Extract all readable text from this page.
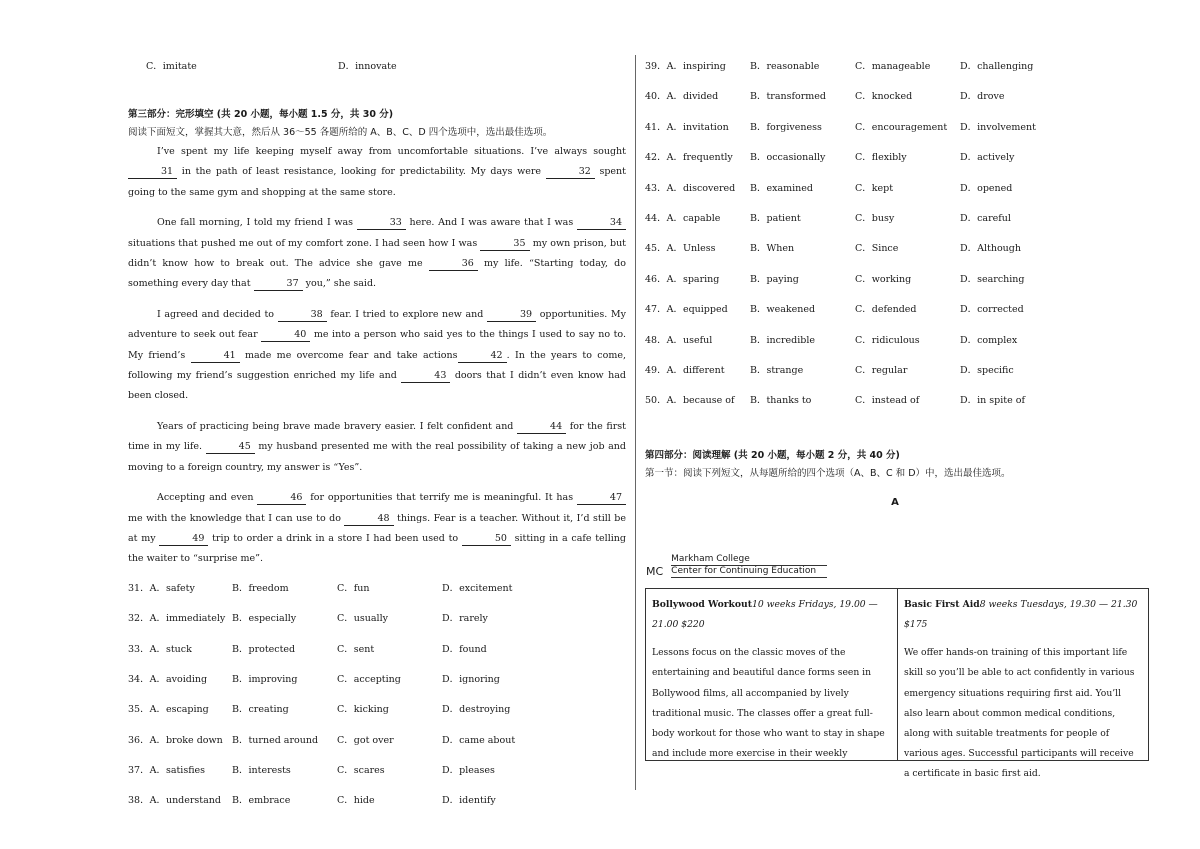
C．imitate	D．innovate
第三部分：完形填空 (共 20 小题，每小题 1.5 分，共 30 分)
阅读下面短文，掌握其大意，然后从 36～55 各题所给的 A、B、C、D 四个选项中，选出最佳选项。

I’ve spent my life keeping myself away from uncomfortable situations. I’ve always sought 31 in the path of least resistance, looking for predictability. My days were	32 spent going to the same gym and shopping at the same store.

One fall morning, I told my friend I was	33 here. And I was aware that I was	34 situations that pushed me out of my comfort zone. I had seen how I was	35 my own prison, but didn’t know how to break out. The advice she gave me	36 my life. “Starting today, do something every day that	37 you,” she said.

I agreed and decided to	38 fear. I tried to explore new and	39 opportunities. My adventure to seek out fear	40 me into a person who said yes to the things I used to say no to. My friend’s	41 made me overcome fear and take actions	42 . In the years to come, following my friend’s suggestion enriched my life and	43 doors that I didn’t even know had been closed.

Years of practicing being brave made bravery easier. I felt confident and	44 for the first time in my life.	45 my husband presented me with the real possibility of taking a new job and moving to a foreign country, my answer is “Yes”.

Accepting and even	46 for opportunities that terrify me is meaningful. It has	47 me with the knowledge that I can use to do	48 things. Fear is a teacher. Without it, I’d still be at my	49 trip to order a drink in a store I had been used to	50 sitting in a cafe telling the waiter to “surprise me”.

31．A．safety	B．freedom	C．fun	D．excitement
32．A．immediately B．especially	C．usually	D．rarely
33．A．stuck	B．protected	C．sent	D．found
34．A．avoiding	B．improving	C．accepting	D．ignoring
35．A．escaping	B．creating	C．kicking	D．destroying
36．A．broke down B．turned around	C．got over	D．came about
37．A．satisfies	B．interests	C．scares	D．pleases
38．A．understand	B．embrace	C．hide	D．identify
39．A．inspiring	B．reasonable	C．manageable	D．challenging
40．A．divided	B．transformed	C．knocked	D．drove
41．A．invitation	B．forgiveness	C．encouragement	D．involvement
42．A．frequently	B．occasionally	C．flexibly	D．actively
43．A．discovered	B．examined	C．kept	D．opened
44．A．capable	B．patient	C．busy	D．careful
45．A．Unless	B．When	C．Since	D．Although
46．A．sparing	B．paying	C．working	D．searching
47．A．equipped	B．weakened	C．defended	D．corrected
48．A．useful	B．incredible	C．ridiculous	D．complex
49．A．different	B．strange	C．regular	D．specific
50．A．because of	B．thanks to	C．instead of	D．in spite of
第四部分：阅读理解 (共 20 小题，每小题 2 分，共 40 分)
第一节：阅读下列短文，从每题所给的四个选项（A、B、C 和 D）中，选出最佳选项。
A
MC
Markham College
Center for Continuing Education
Bollywood Workout10 weeks Fridays, 19.00 — 21.00 $220
Lessons focus on the classic moves of the entertaining and beautiful dance forms seen in Bollywood films, all accompanied by lively traditional music. The classes offer a great full-body workout for those who want to stay in shape and include more exercise in their weekly
Basic First Aid8 weeks Tuesdays, 19.30 — 21.30 $175
We offer hands-on training of this important life skill so you’ll be able to act confidently in various emergency situations requiring first aid. You’ll also learn about common medical conditions, along with suitable treatments for people of various ages. Successful participants will receive a certificate in basic first aid.
